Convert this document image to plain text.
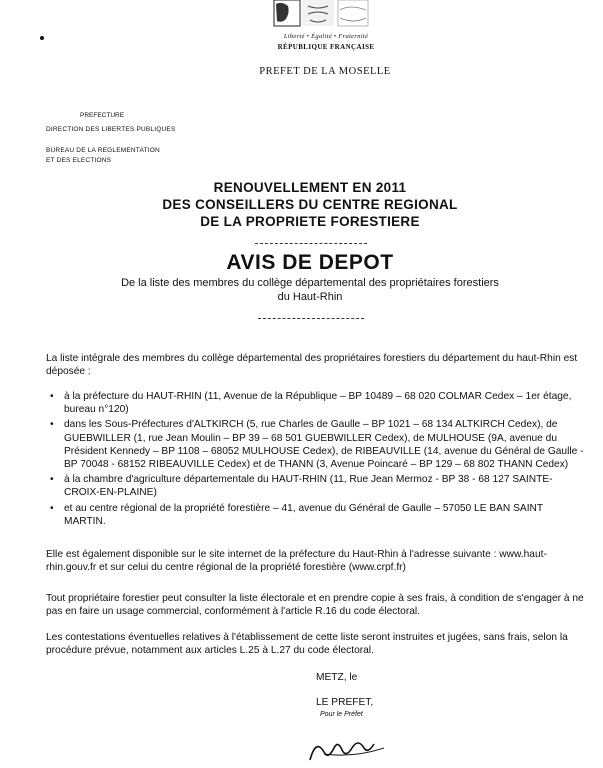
Liberté • Égalité • Fraternité
RÉPUBLIQUE FRANÇAISE
PREFET DE LA MOSELLE
PREFECTURE
DIRECTION DES LIBERTES PUBLIQUES
BUREAU DE LA REGLEMENTATION
ET DES ELECTIONS
RENOUVELLEMENT EN 2011
DES CONSEILLERS DU CENTRE REGIONAL
DE LA PROPRIETE FORESTIERE
AVIS DE DEPOT
De la liste des membres du collège départemental des propriétaires forestiers
du Haut-Rhin
La liste intégrale des membres du collège départemental des propriétaires forestiers du département du haut-Rhin est déposée :
• à la préfecture du HAUT-RHIN (11, Avenue de la République – BP 10489 – 68 020 COLMAR Cedex – 1er étage, bureau n°120)
• dans les Sous-Préfectures d'ALTKIRCH (5, rue Charles de Gaulle – BP 1021 – 68 134 ALTKIRCH Cedex), de GUEBWILLER (1, rue Jean Moulin – BP 39 – 68 501 GUEBWILLER Cedex), de MULHOUSE (9A, avenue du Président Kennedy – BP 1108 – 68052 MULHOUSE Cedex), de RIBEAUVILLE (14, avenue du Général de Gaulle - BP 70048 - 68152 RIBEAUVILLE Cedex) et de THANN (3, Avenue Poincaré – BP 129 – 68 802 THANN Cedex)
• à la chambre d'agriculture départementale du HAUT-RHIN (11, Rue Jean Mermoz - BP 38 - 68 127 SAINTE-CROIX-EN-PLAINE)
• et au centre régional de la propriété forestière – 41, avenue du Général de Gaulle – 57050 LE BAN SAINT MARTIN.
Elle est également disponible sur le site internet de la préfecture du Haut-Rhin à l'adresse suivante : www.haut-rhin.gouv.fr et sur celui du centre régional de la propriété forestière (www.crpf.fr)
Tout propriétaire forestier peut consulter la liste électorale et en prendre copie à ses frais, à condition de s'engager à ne pas en faire un usage commercial, conformément à l'article R.16 du code électoral.
Les contestations éventuelles relatives à l'établissement de cette liste seront instruites et jugées, sans frais, selon la procédure prévue, notamment aux articles L.25 à L.27 du code électoral.
METZ, le
LE PREFET,
Pour le Préfet
